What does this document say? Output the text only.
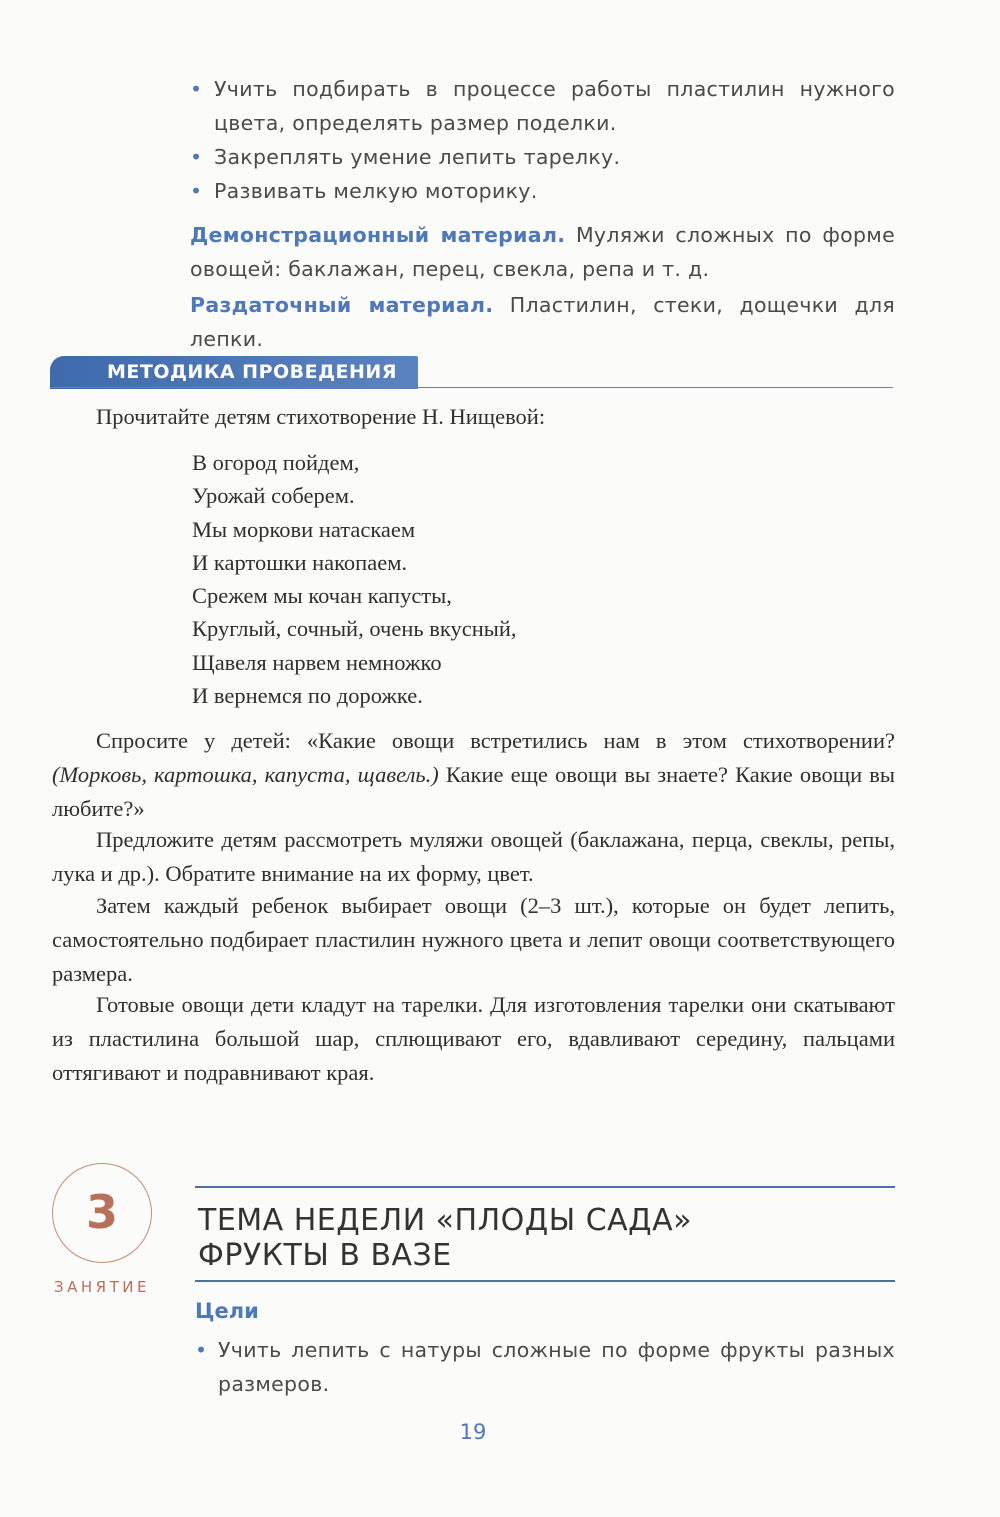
• Учить подбирать в процессе работы пластилин нужного цвета, определять размер поделки.
• Закреплять умение лепить тарелку.
• Развивать мелкую моторику.
Демонстрационный материал. Муляжи сложных по форме овощей: баклажан, перец, свекла, репа и т. д.
Раздаточный материал. Пластилин, стеки, дощечки для лепки.
МЕТОДИКА ПРОВЕДЕНИЯ
Прочитайте детям стихотворение Н. Нищевой:
В огород пойдем,
Урожай соберем.
Мы моркови натаскаем
И картошки накопаем.
Срежем мы кочан капусты,
Круглый, сочный, очень вкусный,
Щавеля нарвем немножко
И вернемся по дорожке.
Спросите у детей: «Какие овощи встретились нам в этом стихотворении? (Морковь, картошка, капуста, щавель.) Какие еще овощи вы знаете? Какие овощи вы любите?»
Предложите детям рассмотреть муляжи овощей (баклажана, перца, свеклы, репы, лука и др.). Обратите внимание на их форму, цвет.
Затем каждый ребенок выбирает овощи (2–3 шт.), которые он будет лепить, самостоятельно подбирает пластилин нужного цвета и лепит овощи соответствующего размера.
Готовые овощи дети кладут на тарелки. Для изготовления тарелки они скатывают из пластилина большой шар, сплющивают его, вдавливают середину, пальцами оттягивают и подравнивают края.
3
ЗАНЯТИЕ
ТЕМА НЕДЕЛИ «ПЛОДЫ САДА»
ФРУКТЫ В ВАЗЕ
Цели
• Учить лепить с натуры сложные по форме фрукты разных размеров.
19
